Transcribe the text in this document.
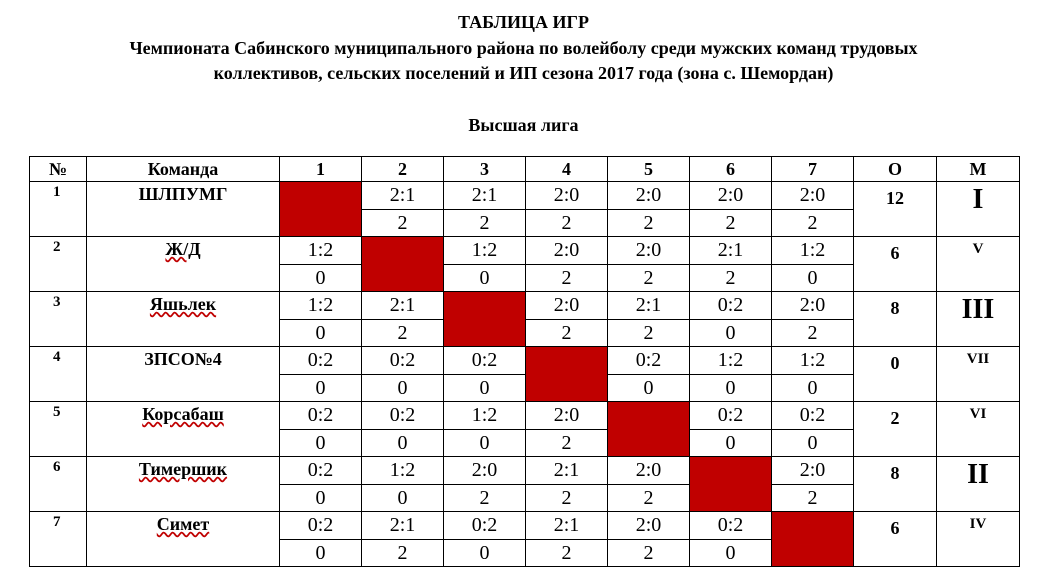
ТАБЛИЦА ИГР
Чемпионата Сабинского муниципального района по волейболу среди мужских команд трудовых
коллективов, сельских поселений и ИП сезона 2017 года (зона с. Шемордан)
Высшая лига
№	Команда	1	2	3	4	5	6	7	О	М
1	ШЛПУМГ		2:1	2:1	2:0	2:0	2:0	2:0	12	I
			2	2	2	2	2	2		
2	Ж/Д	1:2		1:2	2:0	2:0	2:1	1:2	6	V
		0		0	2	2	2	0		
3	Яшьлек	1:2	2:1		2:0	2:1	0:2	2:0	8	III
		0	2		2	2	0	2		
4	ЗПСО№4	0:2	0:2	0:2		0:2	1:2	1:2	0	VII
		0	0	0		0	0	0		
5	Корсабаш	0:2	0:2	1:2	2:0		0:2	0:2	2	VI
		0	0	0	2		0	0		
6	Тимершик	0:2	1:2	2:0	2:1	2:0		2:0	8	II
		0	0	2	2	2		2		
7	Симет	0:2	2:1	0:2	2:1	2:0	0:2		6	IV
		0	2	0	2	2	0			
